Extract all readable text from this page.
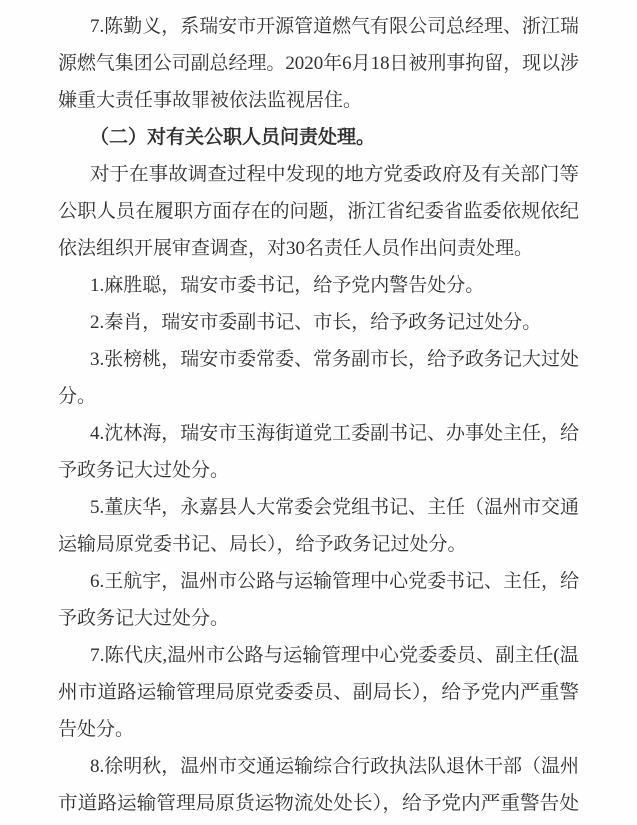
7.陈勤义，系瑞安市开源管道燃气有限公司总经理、浙江瑞
源燃气集团公司副总经理。2020年6月18日被刑事拘留，现以涉
嫌重大责任事故罪被依法监视居住。
（二）对有关公职人员问责处理。
对于在事故调查过程中发现的地方党委政府及有关部门等
公职人员在履职方面存在的问题，浙江省纪委省监委依规依纪
依法组织开展审查调查，对30名责任人员作出问责处理。
1.麻胜聪，瑞安市委书记，给予党内警告处分。
2.秦肖，瑞安市委副书记、市长，给予政务记过处分。
3.张榜桃，瑞安市委常委、常务副市长，给予政务记大过处
分。
4.沈林海，瑞安市玉海街道党工委副书记、办事处主任，给
予政务记大过处分。
5.董庆华，永嘉县人大常委会党组书记、主任（温州市交通
运输局原党委书记、局长），给予政务记过处分。
6.王航宇，温州市公路与运输管理中心党委书记、主任，给
予政务记大过处分。
7.陈代庆,温州市公路与运输管理中心党委委员、副主任(温
州市道路运输管理局原党委委员、副局长），给予党内严重警
告处分。
8.徐明秋，温州市交通运输综合行政执法队退休干部（温州
市道路运输管理局原货运物流处处长），给予党内严重警告处
